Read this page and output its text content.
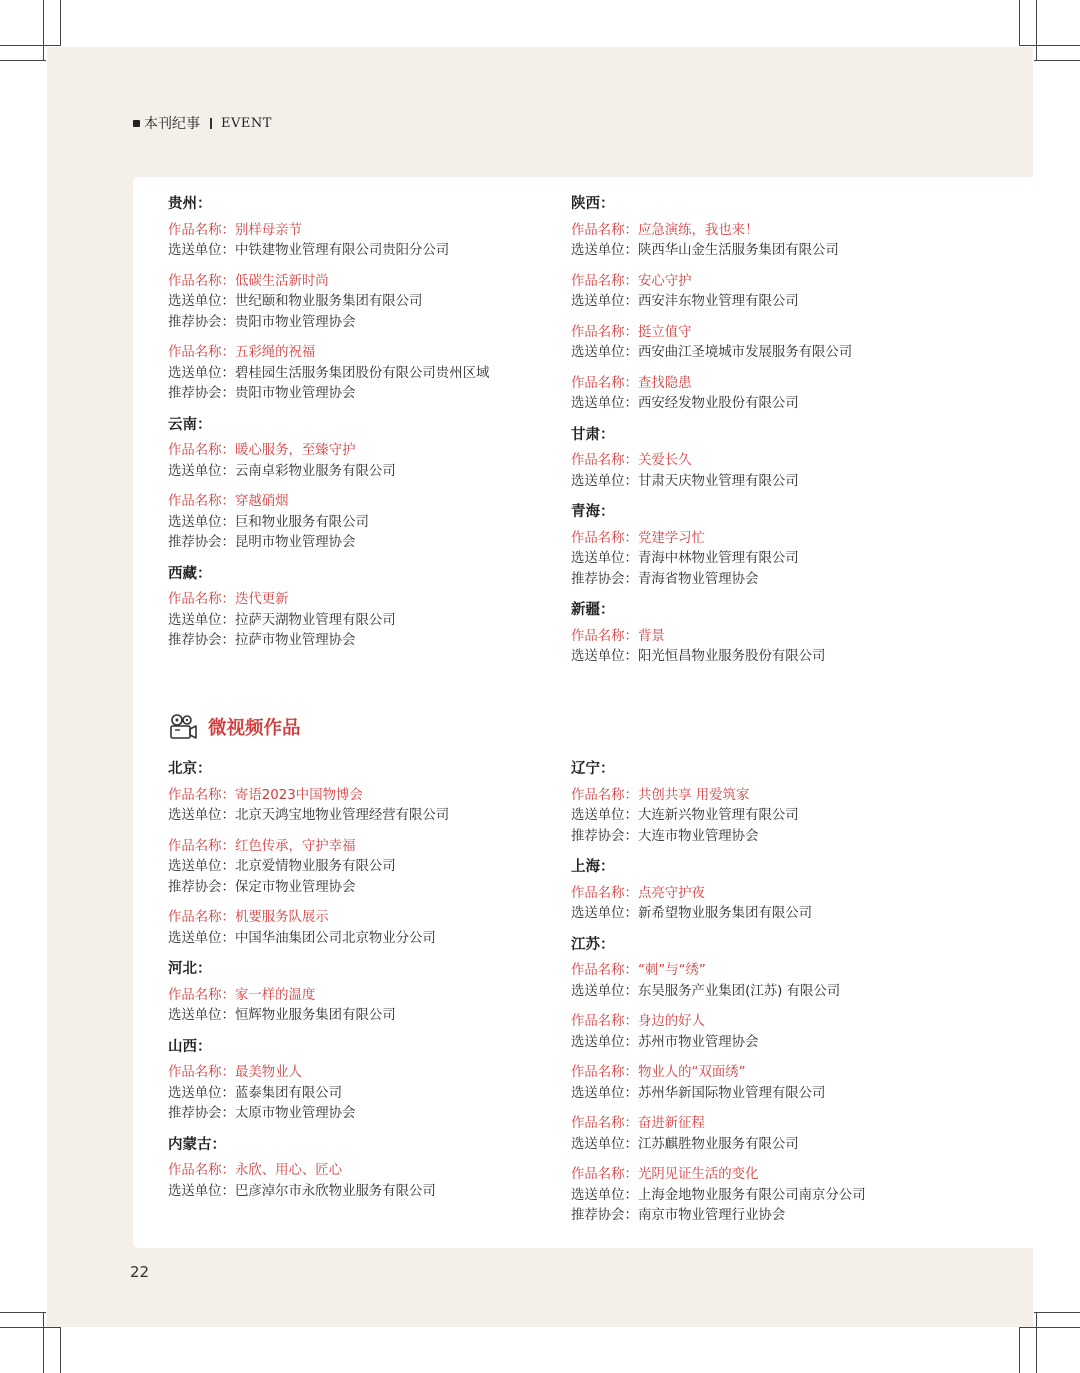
本刊纪事 EVENT
贵州：
作品名称：别样母亲节
选送单位：中铁建物业管理有限公司贵阳分公司
作品名称：低碳生活新时尚
选送单位：世纪颐和物业服务集团有限公司
推荐协会：贵阳市物业管理协会
作品名称：五彩绳的祝福
选送单位：碧桂园生活服务集团股份有限公司贵州区域
推荐协会：贵阳市物业管理协会
云南：
作品名称：暖心服务，至臻守护
选送单位：云南卓彩物业服务有限公司
作品名称：穿越硝烟
选送单位：巨和物业服务有限公司
推荐协会：昆明市物业管理协会
西藏：
作品名称：迭代更新
选送单位：拉萨天湖物业管理有限公司
推荐协会：拉萨市物业管理协会
陕西：
作品名称：应急演练，我也来！
选送单位：陕西华山金生活服务集团有限公司
作品名称：安心守护
选送单位：西安沣东物业管理有限公司
作品名称：挺立值守
选送单位：西安曲江圣境城市发展服务有限公司
作品名称：查找隐患
选送单位：西安经发物业股份有限公司
甘肃：
作品名称：关爱长久
选送单位：甘肃天庆物业管理有限公司
青海：
作品名称：党建学习忙
选送单位：青海中林物业管理有限公司
推荐协会：青海省物业管理协会
新疆：
作品名称：背景
选送单位：阳光恒昌物业服务股份有限公司
微视频作品
北京：
作品名称：寄语2023中国物博会
选送单位：北京天鸿宝地物业管理经营有限公司
作品名称：红色传承，守护幸福
选送单位：北京爱情物业服务有限公司
推荐协会：保定市物业管理协会
作品名称：机要服务队展示
选送单位：中国华油集团公司北京物业分公司
河北：
作品名称：家一样的温度
选送单位：恒辉物业服务集团有限公司
山西：
作品名称：最美物业人
选送单位：蓝泰集团有限公司
推荐协会：太原市物业管理协会
内蒙古：
作品名称：永欣、用心、匠心
选送单位：巴彦淖尔市永欣物业服务有限公司
辽宁：
作品名称：共创共享 用爱筑家
选送单位：大连新兴物业管理有限公司
推荐协会：大连市物业管理协会
上海：
作品名称：点亮守护夜
选送单位：新希望物业服务集团有限公司
江苏：
作品名称：“刺”与“绣”
选送单位：东吴服务产业集团(江苏) 有限公司
作品名称：身边的好人
选送单位：苏州市物业管理协会
作品名称：物业人的“双面绣”
选送单位：苏州华新国际物业管理有限公司
作品名称：奋进新征程
选送单位：江苏麒胜物业服务有限公司
作品名称：光阴见证生活的变化
选送单位：上海金地物业服务有限公司南京分公司
推荐协会：南京市物业管理行业协会
22
